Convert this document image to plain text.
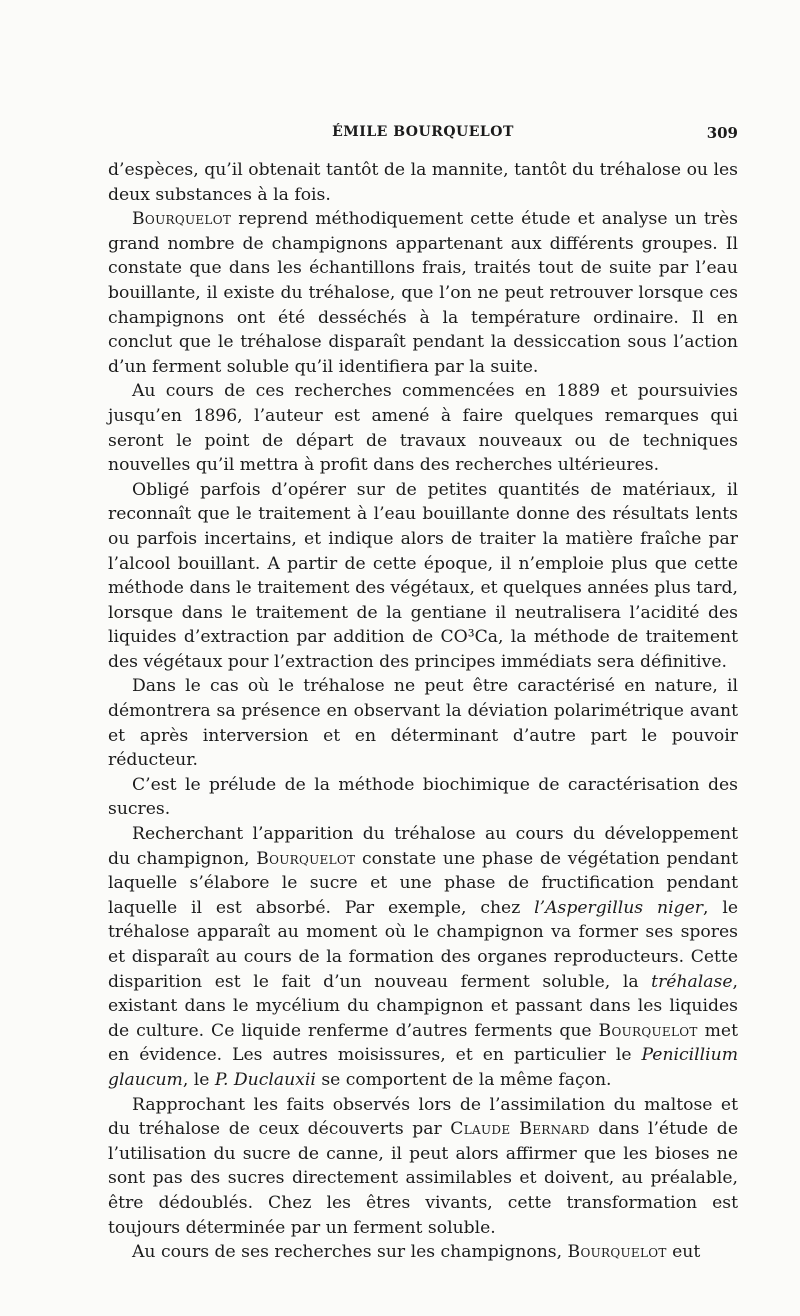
ÉMILE BOURQUELOT	309

d’espèces, qu’il obtenait tantôt de la mannite, tantôt du tréhalose ou les deux substances à la fois.

Bourquelot reprend méthodiquement cette étude et analyse un très grand nombre de champignons appartenant aux différents groupes. Il constate que dans les échantillons frais, traités tout de suite par l’eau bouillante, il existe du tréhalose, que l’on ne peut retrouver lorsque ces champignons ont été desséchés à la température ordinaire. Il en conclut que le tréhalose disparaît pendant la dessiccation sous l’action d’un ferment soluble qu’il identifiera par la suite.

Au cours de ces recherches commencées en 1889 et poursuivies jusqu’en 1896, l’auteur est amené à faire quelques remarques qui seront le point de départ de travaux nouveaux ou de techniques nouvelles qu’il mettra à profit dans des recherches ultérieures.

Obligé parfois d’opérer sur de petites quantités de matériaux, il reconnaît que le traitement à l’eau bouillante donne des résultats lents ou parfois incertains, et indique alors de traiter la matière fraîche par l’alcool bouillant. A partir de cette époque, il n’emploie plus que cette méthode dans le traitement des végétaux, et quelques années plus tard, lorsque dans le traitement de la gentiane il neutralisera l’acidité des liquides d’extraction par addition de CO³Ca, la méthode de traitement des végétaux pour l’extraction des principes immédiats sera définitive.

Dans le cas où le tréhalose ne peut être caractérisé en nature, il démontrera sa présence en observant la déviation polarimétrique avant et après interversion et en déterminant d’autre part le pouvoir réducteur.

C’est le prélude de la méthode biochimique de caractérisation des sucres.

Recherchant l’apparition du tréhalose au cours du développement du champignon, Bourquelot constate une phase de végétation pendant laquelle s’élabore le sucre et une phase de fructification pendant laquelle il est absorbé. Par exemple, chez l’Aspergillus niger, le tréhalose apparaît au moment où le champignon va former ses spores et disparaît au cours de la formation des organes reproducteurs. Cette disparition est le fait d’un nouveau ferment soluble, la tréhalase, existant dans le mycélium du champignon et passant dans les liquides de culture. Ce liquide renferme d’autres ferments que Bourquelot met en évidence. Les autres moisissures, et en particulier le Penicillium glaucum, le P. Duclauxii se comportent de la même façon.

Rapprochant les faits observés lors de l’assimilation du maltose et du tréhalose de ceux découverts par Claude Bernard dans l’étude de l’utilisation du sucre de canne, il peut alors affirmer que les bioses ne sont pas des sucres directement assimilables et doivent, au préalable, être dédoublés. Chez les êtres vivants, cette transformation est toujours déterminée par un ferment soluble.

Au cours de ses recherches sur les champignons, Bourquelot eut
